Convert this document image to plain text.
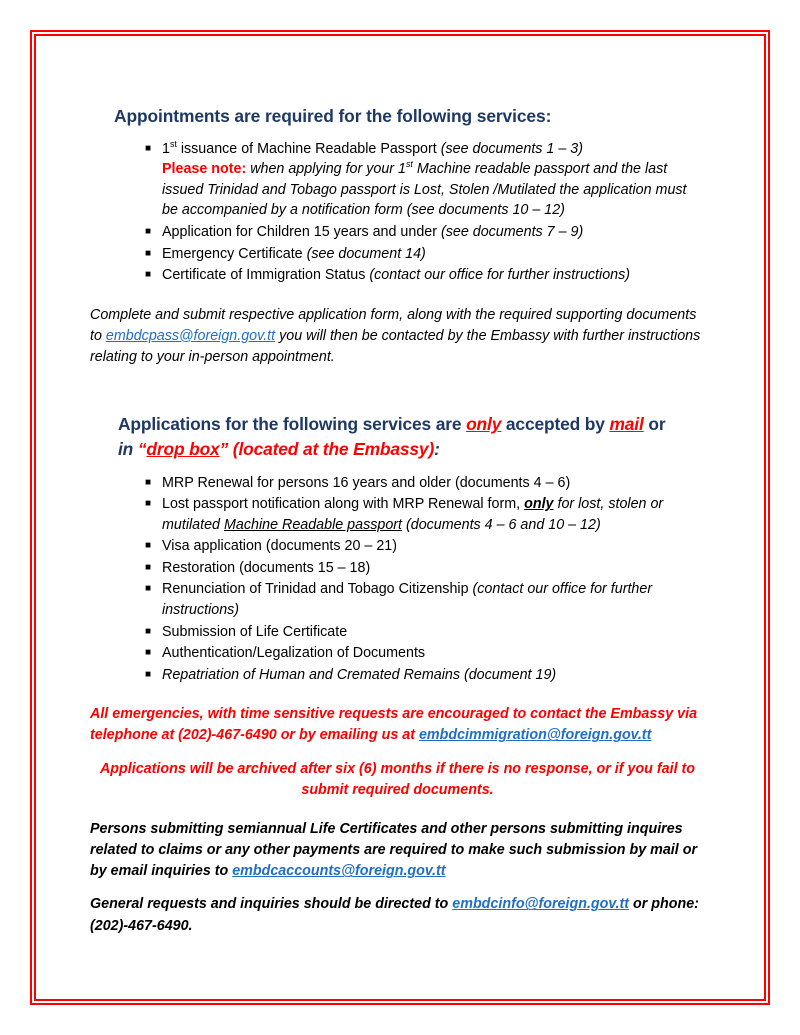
Appointments are required for the following services:
■ 1st issuance of Machine Readable Passport (see documents 1 – 3)
Please note: when applying for your 1st Machine readable passport and the last issued Trinidad and Tobago passport is Lost, Stolen /Mutilated the application must be accompanied by a notification form (see documents 10 – 12)
■ Application for Children 15 years and under (see documents 7 – 9)
■ Emergency Certificate (see document 14)
■ Certificate of Immigration Status (contact our office for further instructions)

Complete and submit respective application form, along with the required supporting documents to embdcpass@foreign.gov.tt you will then be contacted by the Embassy with further instructions relating to your in-person appointment.

Applications for the following services are only accepted by mail or
in “drop box” (located at the Embassy):
■ MRP Renewal for persons 16 years and older (documents 4 – 6)
■ Lost passport notification along with MRP Renewal form, only for lost, stolen or mutilated Machine Readable passport (documents 4 – 6 and 10 – 12)
■ Visa application (documents 20 – 21)
■ Restoration (documents 15 – 18)
■ Renunciation of Trinidad and Tobago Citizenship (contact our office for further instructions)
■ Submission of Life Certificate
■ Authentication/Legalization of Documents
■ Repatriation of Human and Cremated Remains (document 19)

All emergencies, with time sensitive requests are encouraged to contact the Embassy via telephone at (202)-467-6490 or by emailing us at embdcimmigration@foreign.gov.tt

Applications will be archived after six (6) months if there is no response, or if you fail to submit required documents.

Persons submitting semiannual Life Certificates and other persons submitting inquires related to claims or any other payments are required to make such submission by mail or by email inquiries to embdcaccounts@foreign.gov.tt

General requests and inquiries should be directed to embdcinfo@foreign.gov.tt or phone: (202)-467-6490.
